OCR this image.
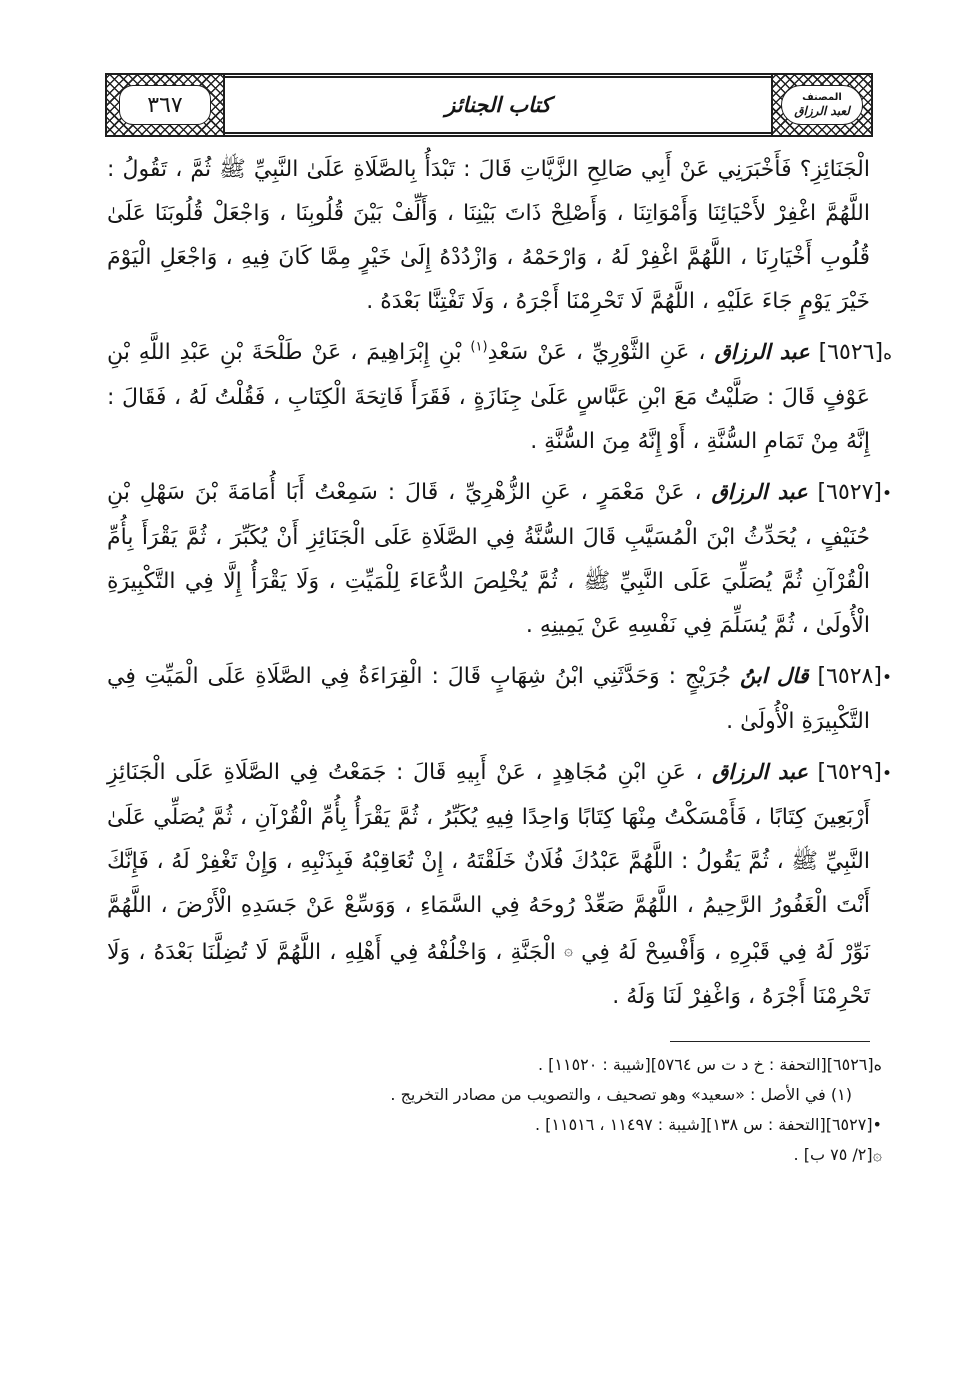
٣٦٧	كتاب الجنائز	المصنف
لعبد الرزاق

الْجَنَائِزِ؟ فَأَخْبَرَنِي عَنْ أَبِي صَالِحِ الزَّيَّاتِ قَالَ : تَبْدَأُ بِالصَّلَاةِ عَلَىٰ النَّبِيِّ ﷺ ثُمَّ ، تَقُولُ : اللَّهُمَّ اغْفِرْ لأَحْيَائِنَا وَأَمْوَاتِنَا ، وَأَصْلِحْ ذَاتَ بَيْنِنَا ، وَأَلِّفْ بَيْنَ قُلُوبِنَا ، وَاجْعَلْ قُلُوبَنَا عَلَىٰ قُلُوبِ أَخْيَارِنَا ، اللَّهُمَّ اغْفِرْ لَهُ ، وَارْحَمْهُ ، وَازْدُدْهُ إِلَىٰ خَيْرٍ مِمَّا كَانَ فِيهِ ، وَاجْعَلِ الْيَوْمَ خَيْرَ يَوْمٍ جَاءَ عَلَيْهِ ، اللَّهُمَّ لَا تَحْرِمْنَا أَجْرَهُ ، وَلَا تَفْتِنَّا بَعْدَهُ .

ه[٦٥٢٦] عبد الرزاق ، عَنِ الثَّوْرِيِّ ، عَنْ سَعْدِ$^{(١)}$ بْنِ إِبْرَاهِيمَ ، عَنْ طَلْحَةَ بْنِ عَبْدِ اللَّهِ بْنِ عَوْفٍ قَالَ : صَلَّيْتُ مَعَ ابْنِ عَبَّاسٍ عَلَىٰ جِنَازَةٍ ، فَقَرَأَ فَاتِحَةَ الْكِتَابِ ، فَقُلْتُ لَهُ ، فَقَالَ : إِنَّهُ مِنْ تَمَامِ السُّنَّةِ ، أَوْ إِنَّهُ مِنَ السُّنَّةِ .

•[٦٥٢٧] عبد الرزاق ، عَنْ مَعْمَرٍ ، عَنِ الزُّهْرِيِّ ، قَالَ : سَمِعْتُ أَبَا أُمَامَةَ بْنَ سَهْلِ بْنِ حُنَيْفٍ ، يُحَدِّثُ ابْنَ الْمُسَيَّبِ قَالَ السُّنَّةُ فِي الصَّلَاةِ عَلَى الْجَنَائِزِ أَنْ يُكَبِّرَ ، ثُمَّ يَقْرَأَ بِأُمِّ الْقُرْآنِ ثُمَّ يُصَلِّيَ عَلَى النَّبِيِّ ﷺ ، ثُمَّ يُخْلِصَ الدُّعَاءَ لِلْمَيِّتِ ، وَلَا يَقْرَأُ إِلَّا فِي التَّكْبِيرَةِ الْأُولَىٰ ، ثُمَّ يُسَلِّمَ فِي نَفْسِهِ عَنْ يَمِينِهِ .

•[٦٥٢٨] قال ابنُ جُرَيْجٍ : وَحَدَّثَنِي ابْنُ شِهَابٍ قَالَ : الْقِرَاءَةُ فِي الصَّلَاةِ عَلَى الْمَيِّتِ فِي التَّكْبِيرَةِ الْأُولَىٰ .

•[٦٥٢٩] عبد الرزاق ، عَنِ ابْنِ مُجَاهِدٍ ، عَنْ أَبِيهِ قَالَ : جَمَعْتُ فِي الصَّلَاةِ عَلَى الْجَنَائِزِ أَرْبَعِينَ كِتَابًا ، فَأَمْسَكْتُ مِنْهَا كِتَابًا وَاحِدًا فِيهِ يُكَبِّرُ ، ثُمَّ يَقْرَأُ بِأُمِّ الْقُرْآنِ ، ثُمَّ يُصَلِّي عَلَىٰ النَّبِيِّ ﷺ ، ثُمَّ يَقُولُ : اللَّهُمَّ عَبْدُكَ فُلَانٌ خَلَقْتَهُ ، إِنْ تُعَاقِبْهُ فَبِذَنْبِهِ ، وَإِنْ تَغْفِرْ لَهُ ، فَإِنَّكَ أَنْتَ الْغَفُورُ الرَّحِيمُ ، اللَّهُمَّ صَعِّدْ رُوحَهُ فِي السَّمَاءِ ، وَوَسِّعْ عَنْ جَسَدِهِ الْأَرْضَ ، اللَّهُمَّ نَوِّرْ لَهُ فِي قَبْرِهِ ، وَأَفْسِحْ لَهُ فِي ۞ الْجَنَّةِ ، وَاخْلُفْهُ فِي أَهْلِهِ ، اللَّهُمَّ لَا تُضِلَّنَا بَعْدَهُ ، وَلَا تَحْرِمْنَا أَجْرَهُ ، وَاغْفِرْ لَنَا وَلَهُ .

ه[٦٥٢٦][التحفة : خ د ت س ٥٧٦٤][شيبة : ١١٥٢٠] .

(١) في الأصل : «سعيد» وهو تصحيف ، والتصويب من مصادر التخريج .

•[٦٥٢٧][التحفة : س ١٣٨][شيبة : ١١٤٩٧ ، ١١٥١٦] .

۞[٢/ ٧٥ ب] .
